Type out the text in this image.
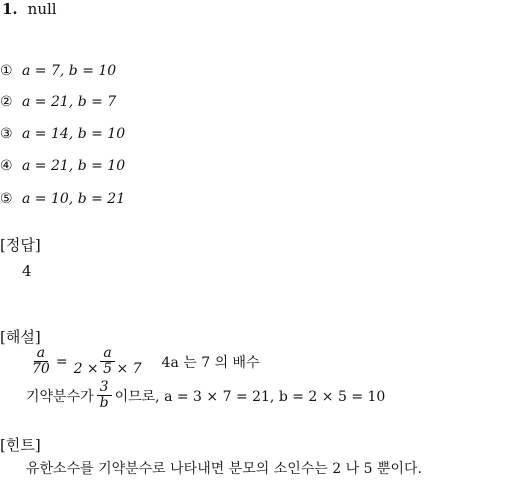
1. null
① a = 7, b = 10
② a = 21, b = 7
③ a = 14, b = 10
④ a = 21, b = 10
⑤ a = 10, b = 21
[정답]
4
[해설]
$\frac{a}{70} = \frac{a}{2 \times 5 \times 7} 4a$ 는 7 의 배수
기약분수가 $\frac{3}{b}$ 이므로, a = 3 × 7 = 21, b = 2 × 5 = 10
[힌트]
유한소수를 기약분수로 나타내면 분모의 소인수는 2 나 5 뿐이다.
